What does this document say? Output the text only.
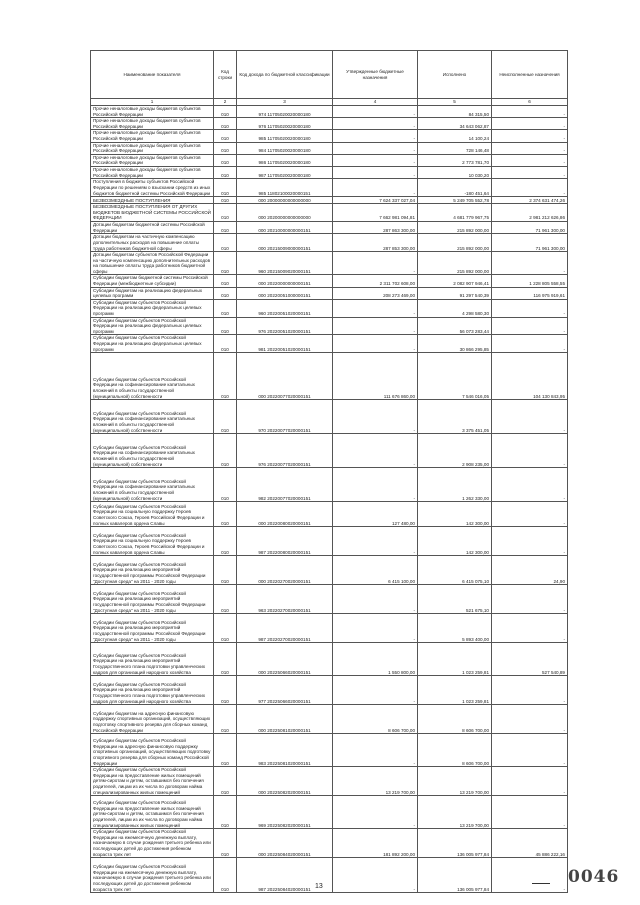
Наименование показателя	Код строки	Код дохода по бюджетной классификации	Утвержденные бюджетные назначения	Исполнено	Неисполненные назначения
1	2	3	4	5	6
Прочие неналоговые доходы бюджетов субъектов Российской Федерации	010	974 11705020020000180	-	84 315,50	-
Прочие неналоговые доходы бюджетов субъектов Российской Федерации	010	976 11705020020000180	-	34 643 062,87	-
Прочие неналоговые доходы бюджетов субъектов Российской Федерации	010	985 11705020020000180	-	14 100,24	-
Прочие неналоговые доходы бюджетов субъектов Российской Федерации	010	984 11705020020000180	-	728 146,48	-
Прочие неналоговые доходы бюджетов субъектов Российской Федерации	010	986 11705020020000180	-	2 773 781,70	-
Прочие неналоговые доходы бюджетов субъектов Российской Федерации	010	987 11705020020000180	-	10 030,20	-
Поступления в бюджеты субъектов Российской Федерации по решениям о взыскании средств из иных бюджетов бюджетной системы Российской Федерации	010	985 11802100020000151	-	-180 451,64	-
БЕЗВОЗМЕЗДНЫЕ ПОСТУПЛЕНИЯ	010	000 20000000000000000	7 624 337 027,04	5 249 705 552,78	2 374 631 474,26
БЕЗВОЗМЕЗДНЫЕ ПОСТУПЛЕНИЯ ОТ ДРУГИХ БЮДЖЕТОВ БЮДЖЕТНОЙ СИСТЕМЫ РОССИЙСКОЙ ФЕДЕРАЦИИ	010	000 20200000000000000	7 662 981 094,81	4 681 779 967,75	2 981 212 626,86
Дотации бюджетам бюджетной системы Российской Федерации	010	000 20210000000000151	287 863 300,00	215 892 000,00	71 961 300,00
Дотации бюджетам на частичную компенсацию дополнительных расходов на повышение оплаты труда работников бюджетной сферы	010	000 20215009000000151	287 853 300,00	215 892 000,00	71 961 300,00
Дотации бюджетам субъектов Российской Федерации на частичную компенсацию дополнительных расходов на повышение оплаты труда работников бюджетной сферы	010	960 20215009020000151	-	215 892 000,00	-
Субсидии бюджетам бюджетной системы Российской Федерации (межбюджетные субсидии)	010	000 20220000000000151	2 311 702 608,00	2 082 907 946,41	1 228 805 558,55
Субсидии бюджетам на реализацию федеральных целевых программ	010	000 20220051000000151	208 273 469,00	91 297 540,39	116 975 919,61
Субсидии бюджетам субъектов Российской Федерации на реализацию федеральных целевых программ	010	960 20220051020000151	-	4 298 580,30	-
Субсидии бюджетам субъектов Российской Федерации на реализацию федеральных целевых программ	010	976 20220051020000151	-	56 073 283,44	-
Субсидии бюджетам субъектов Российской Федерации на реализацию федеральных целевых программ	010	981 20220051020000151	-	30 866 295,85	-
Субсидии бюджетам субъектов Российской Федерации на софинансирование капитальных вложений в объекты государственной (муниципальной) собственности	010	000 20220077020000151	111 676 860,00	7 546 016,05	104 130 843,95
Субсидии бюджетам субъектов Российской Федерации на софинансирование капитальных вложений в объекты государственной (муниципальной) собственности	010	970 20220077020000151	-	3 375 451,05	-
Субсидии бюджетам субъектов Российской Федерации на софинансирование капитальных вложений в объекты государственной (муниципальной) собственности	010	976 20220077020000151	-	2 908 235,00	-
Субсидии бюджетам субъектов Российской Федерации на софинансирование капитальных вложений в объекты государственной (муниципальной) собственности	010	982 20220077020000151	-	1 262 330,00	-
Субсидии бюджетам субъектов Российской Федерации на социальную поддержку Героев Советского Союза, Героев Российской Федерации и полных кавалеров ордена Славы	010	000 20220080020000151	127 480,00	142 300,00	-
Субсидии бюджетам субъектов Российской Федерации на социальную поддержку Героев Советского Союза, Героев Российской Федерации и полных кавалеров ордена Славы	010	987 20220080020000151	-	142 300,00	-
Субсидии бюджетам субъектов Российской Федерации на реализацию мероприятий государственной программы Российской Федерации "Доступная среда" на 2011 - 2020 годы	010	000 20220270020000151	6 415 100,00	6 415 075,10	24,90
Субсидии бюджетам субъектов Российской Федерации на реализацию мероприятий государственной программы Российской Федерации "Доступная среда" на 2011 - 2020 годы	010	963 20220270020000151	-	521 675,10	-
Субсидии бюджетам субъектов Российской Федерации на реализацию мероприятий государственной программы Российской Федерации "Доступная среда" на 2011 - 2020 годы	010	987 20220270020000151	-	5 893 400,00	-
Субсидии бюджетам субъектов Российской Федерации на реализацию мероприятий Государственного плана подготовки управленческих кадров для организаций народного хозяйства	010	000 20225066020000151	1 550 800,00	1 023 259,81	527 540,89
Субсидии бюджетам субъектов Российской Федерации на реализацию мероприятий Государственного плана подготовки управленческих кадров для организаций народного хозяйства	010	977 20225066020000151	-	1 023 259,81	-
Субсидии бюджетам на адресную финансовую поддержку спортивных организаций, осуществляющих подготовку спортивного резерва для сборных команд Российской Федерации	010	000 20225081020000151	8 606 700,00	8 606 700,00	-
Субсидии бюджетам субъектов Российской Федерации на адресную финансовую поддержку спортивных организаций, осуществляющих подготовку спортивного резерва для сборных команд Российской Федерации	010	983 20225081020000151	-	8 606 700,00	-
Субсидии бюджетам субъектов Российской Федерации на предоставление жилых помещений детям-сиротам и детям, оставшимся без попечения родителей, лицам из их числа по договорам найма специализированных жилых помещений	010	000 20225082020000151	13 219 700,00	13 219 700,00	-
Субсидии бюджетам субъектов Российской Федерации на предоставление жилых помещений детям-сиротам и детям, оставшимся без попечения родителей, лицам из их числа по договорам найма специализированных жилых помещений	010	969 20225082020000151	-	13 219 700,00	-
Субсидии бюджетам субъектов Российской Федерации на ежемесячную денежную выплату, назначаемую в случае рождения третьего ребенка или последующих детей до достижения ребенком возраста трех лет	010	000 20225084020000151	181 892 200,00	136 005 977,84	45 886 222,16
Субсидии бюджетам субъектов Российской Федерации на ежемесячную денежную выплату, назначаемую в случае рождения третьего ребенка или последующих детей до достижения ребенком возраста трех лет	010	987 20225084020000151	-	136 005 977,84	-
13	0046
